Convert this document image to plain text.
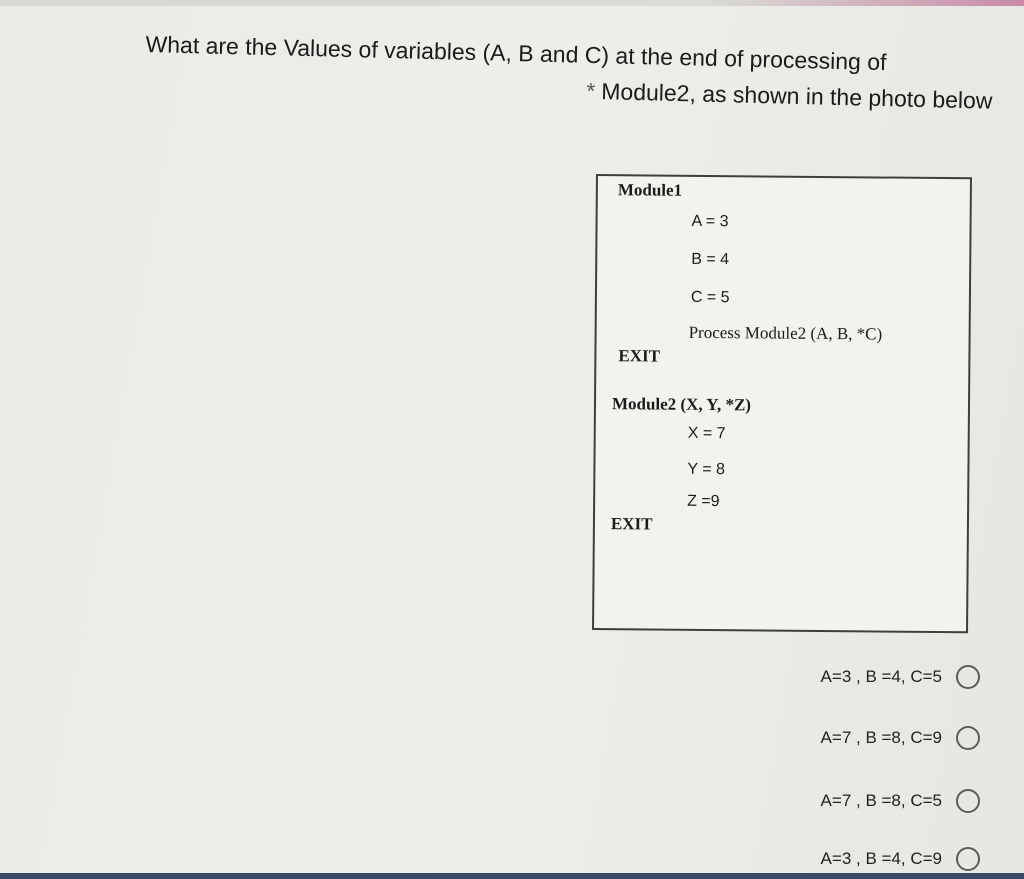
What are the Values of variables (A, B and C) at the end of processing of
* Module2, as shown in the photo below
Module1
A = 3
B = 4
C = 5
Process Module2 (A, B, *C)
EXIT
Module2 (X, Y, *Z)
X = 7
Y = 8
Z =9
EXIT
A=3 , B =4, C=5
A=7 , B =8, C=9
A=7 , B =8, C=5
A=3 , B =4, C=9
